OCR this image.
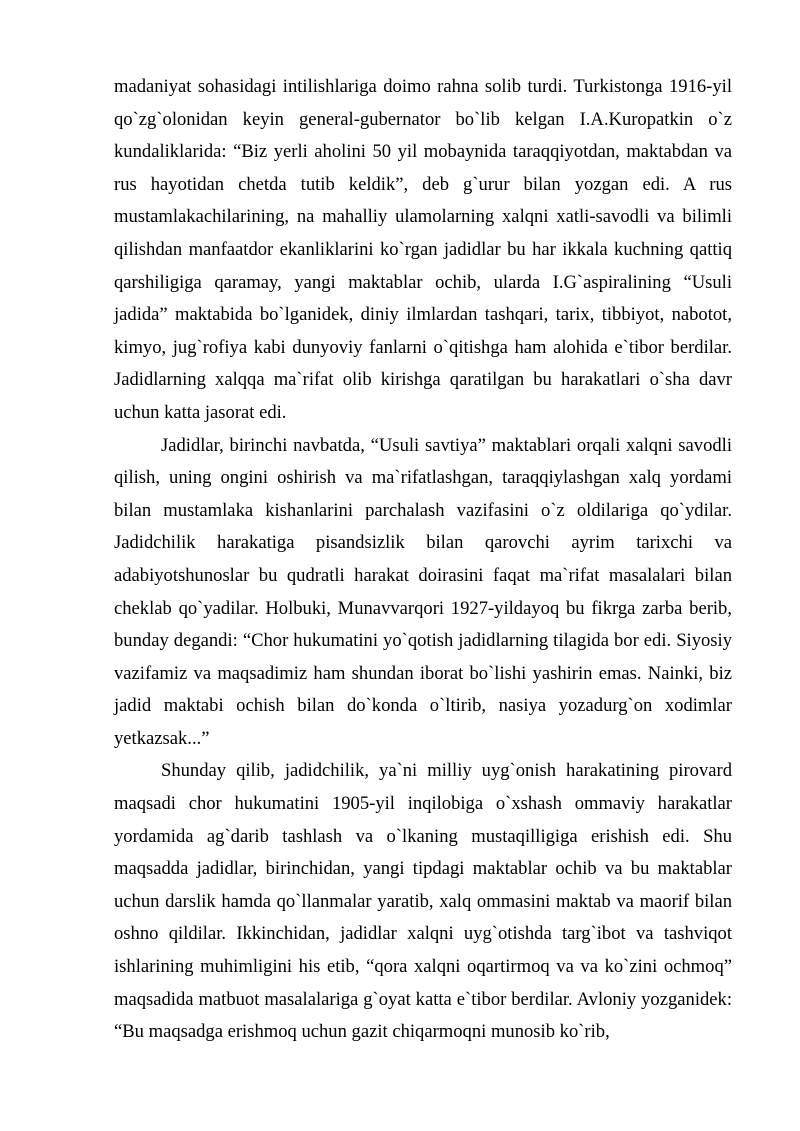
madaniyat sohasidagi intilishlariga doimo rahna solib turdi. Turkistonga 1916-yil qo`zg`olonidan keyin general-gubernator bo`lib kelgan I.A.Kuropatkin o`z kundaliklarida: “Biz yerli aholini 50 yil mobaynida taraqqiyotdan, maktabdan va rus hayotidan chetda tutib keldik”, deb g`urur bilan yozgan edi. A rus mustamlakachilarining, na mahalliy ulamolarning xalqni xatli-savodli va bilimli qilishdan manfaatdor ekanliklarini ko`rgan jadidlar bu har ikkala kuchning qattiq qarshiligiga qaramay, yangi maktablar ochib, ularda I.G`aspiralining “Usuli jadida” maktabida bo`lganidek, diniy ilmlardan tashqari, tarix, tibbiyot, nabotot, kimyo, jug`rofiya kabi dunyoviy fanlarni o`qitishga ham alohida e`tibor berdilar. Jadidlarning xalqqa ma`rifat olib kirishga qaratilgan bu harakatlari o`sha davr uchun katta jasorat edi.

Jadidlar, birinchi navbatda, “Usuli savtiya” maktablari orqali xalqni savodli qilish, uning ongini oshirish va ma`rifatlashgan, taraqqiylashgan xalq yordami bilan mustamlaka kishanlarini parchalash vazifasini o`z oldilariga qo`ydilar. Jadidchilik harakatiga pisandsizlik bilan qarovchi ayrim tarixchi va adabiyotshunoslar bu qudratli harakat doirasini faqat ma`rifat masalalari bilan cheklab qo`yadilar. Holbuki, Munavvarqori 1927-yildayoq bu fikrga zarba berib, bunday degandi: “Chor hukumatini yo`qotish jadidlarning tilagida bor edi. Siyosiy vazifamiz va maqsadimiz ham shundan iborat bo`lishi yashirin emas. Nainki, biz jadid maktabi ochish bilan do`konda o`ltirib, nasiya yozadurg`on xodimlar yetkazsak...”

Shunday qilib, jadidchilik, ya`ni milliy uyg`onish harakatining pirovard maqsadi chor hukumatini 1905-yil inqilobiga o`xshash ommaviy harakatlar yordamida ag`darib tashlash va o`lkaning mustaqilligiga erishish edi. Shu maqsadda jadidlar, birinchidan, yangi tipdagi maktablar ochib va bu maktablar uchun darslik hamda qo`llanmalar yaratib, xalq ommasini maktab va maorif bilan oshno qildilar. Ikkinchidan, jadidlar xalqni uyg`otishda targ`ibot va tashviqot ishlarining muhimligini his etib, “qora xalqni oqartirmoq va va ko`zini ochmoq” maqsadida matbuot masalalariga g`oyat katta e`tibor berdilar. Avloniy yozganidek: “Bu maqsadga erishmoq uchun gazit chiqarmoqni munosib ko`rib,
